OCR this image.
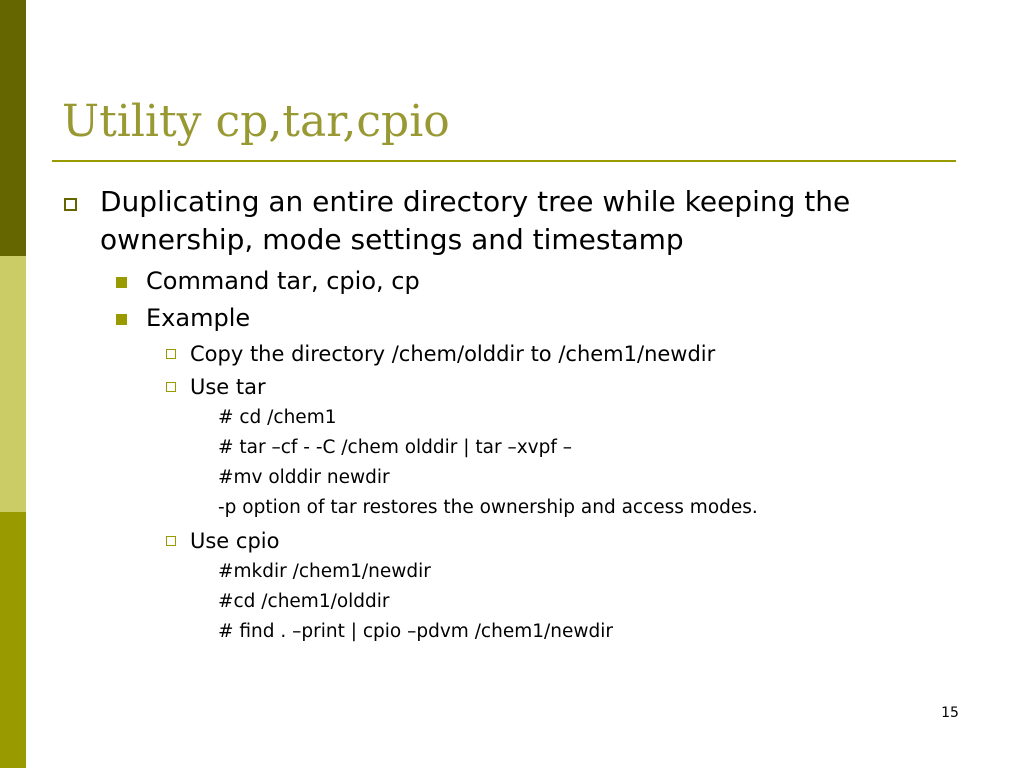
Utility cp,tar,cpio
Duplicating an entire directory tree while keeping the ownership, mode settings and timestamp
Command tar, cpio, cp
Example
Copy the directory /chem/olddir to /chem1/newdir
Use tar
# cd /chem1
# tar –cf - -C /chem olddir | tar –xvpf –
#mv olddir newdir
-p option of tar restores the ownership and access modes.
Use cpio
#mkdir /chem1/newdir
#cd /chem1/olddir
# find . –print | cpio –pdvm /chem1/newdir
15
